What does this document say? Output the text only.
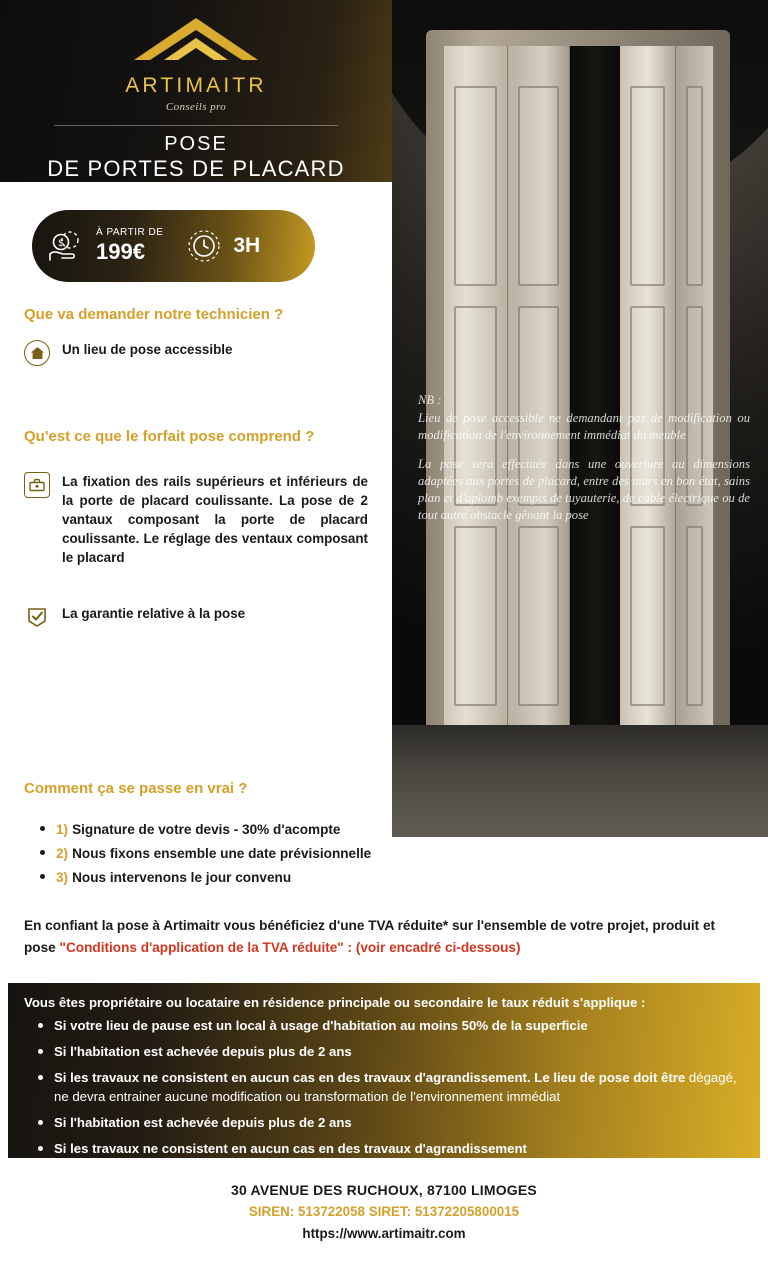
ARTIMAITR
Conseils pro
POSE
DE PORTES DE PLACARD
NB :

Lieu de pose accessible ne demandant pas de modification ou modification de l'environnement immédiat du meuble

La pose sera effectuée dans une ouverture au dimensions adaptées aux portes de placard, entre des murs en bon état, sains plan et d'aplomb exempts de tuyauterie, de câble électrique ou de tout autre obstacle gênant la pose

$
À PARTIR DE
199€	3H
Que va demander notre technicien ?
Un lieu de pose accessible
Qu'est ce que le forfait pose comprend ?
La fixation des rails supérieurs et inférieurs de la porte de placard coulissante. La pose de 2 vantaux composant la porte de placard coulissante. Le réglage des ventaux composant le placard
La garantie relative à la pose
Comment ça se passe en vrai ?
1) Signature de votre devis - 30% d'acompte
2) Nous fixons ensemble une date prévisionnelle
3) Nous intervenons le jour convenu
En confiant la pose à Artimaitr vous bénéficiez d'une TVA réduite* sur l'ensemble de votre projet, produit et pose "Conditions d'application de la TVA réduite" : (voir encadré ci-dessous)
Vous êtes propriétaire ou locataire en résidence principale ou secondaire le taux réduit s'applique :
Si votre lieu de pause est un local à usage d'habitation au moins 50% de la superficie
Si l'habitation est achevée depuis plus de 2 ans
Si les travaux ne consistent en aucun cas en des travaux d'agrandissement. Le lieu de pose doit être dégagé, ne devra entrainer aucune modification ou transformation de l'environnement immédiat
Si l'habitation est achevée depuis plus de 2 ans
Si les travaux ne consistent en aucun cas en des travaux d'agrandissement
30 AVENUE DES RUCHOUX, 87100 LIMOGES
SIREN: 513722058 SIRET: 51372205800015
https://www.artimaitr.com
